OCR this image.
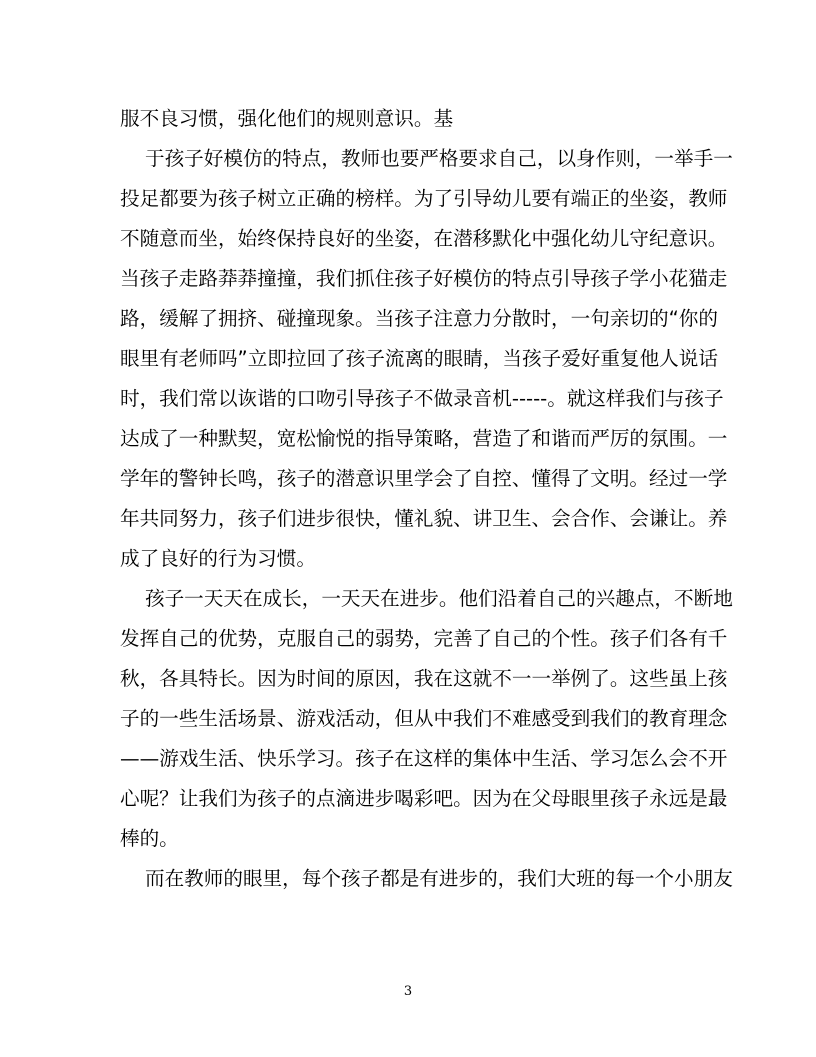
服不良习惯，强化他们的规则意识。基
于孩子好模仿的特点，教师也要严格要求自己，以身作则，一举手一
投足都要为孩子树立正确的榜样。为了引导幼儿要有端正的坐姿，教师
不随意而坐，始终保持良好的坐姿，在潜移默化中强化幼儿守纪意识。
当孩子走路莽莽撞撞，我们抓住孩子好模仿的特点引导孩子学小花猫走
路，缓解了拥挤、碰撞现象。当孩子注意力分散时，一句亲切的“你的
眼里有老师吗”立即拉回了孩子流离的眼睛，当孩子爱好重复他人说话
时，我们常以诙谐的口吻引导孩子不做录音机-----。就这样我们与孩子
达成了一种默契，宽松愉悦的指导策略，营造了和谐而严厉的氛围。一
学年的警钟长鸣，孩子的潜意识里学会了自控、懂得了文明。经过一学
年共同努力，孩子们进步很快，懂礼貌、讲卫生、会合作、会谦让。养
成了良好的行为习惯。
孩子一天天在成长，一天天在进步。他们沿着自己的兴趣点，不断地
发挥自己的优势，克服自己的弱势，完善了自己的个性。孩子们各有千
秋，各具特长。因为时间的原因，我在这就不一一举例了。这些虽上孩
子的一些生活场景、游戏活动，但从中我们不难感受到我们的教育理念
——游戏生活、快乐学习。孩子在这样的集体中生活、学习怎么会不开
心呢？让我们为孩子的点滴进步喝彩吧。因为在父母眼里孩子永远是最
棒的。
而在教师的眼里，每个孩子都是有进步的，我们大班的每一个小朋友
3
